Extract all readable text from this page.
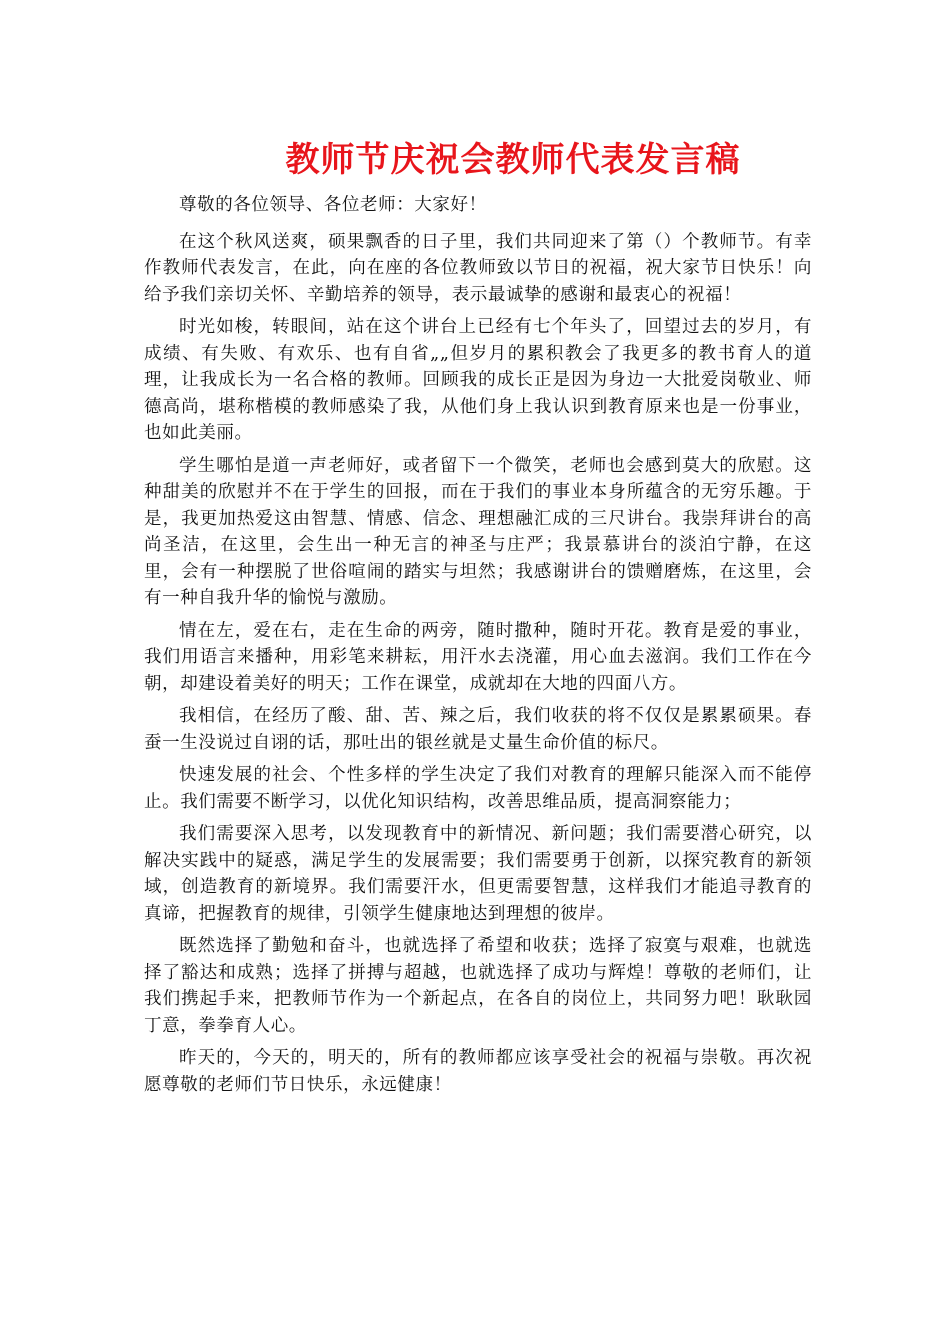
教师节庆祝会教师代表发言稿

尊敬的各位领导、各位老师：大家好！

在这个秋风送爽，硕果飘香的日子里，我们共同迎来了第（）个教师节。有幸作教师代表发言，在此，向在座的各位教师致以节日的祝福，祝大家节日快乐！向给予我们亲切关怀、辛勤培养的领导，表示最诚挚的感谢和最衷心的祝福！

时光如梭，转眼间，站在这个讲台上已经有七个年头了，回望过去的岁月，有成绩、有失败、有欢乐、也有自省„„但岁月的累积教会了我更多的教书育人的道理，让我成长为一名合格的教师。回顾我的成长正是因为身边一大批爱岗敬业、师德高尚，堪称楷模的教师感染了我，从他们身上我认识到教育原来也是一份事业，也如此美丽。

学生哪怕是道一声老师好，或者留下一个微笑，老师也会感到莫大的欣慰。这种甜美的欣慰并不在于学生的回报，而在于我们的事业本身所蕴含的无穷乐趣。于是，我更加热爱这由智慧、情感、信念、理想融汇成的三尺讲台。我崇拜讲台的高尚圣洁，在这里，会生出一种无言的神圣与庄严；我景慕讲台的淡泊宁静，在这里，会有一种摆脱了世俗喧闹的踏实与坦然；我感谢讲台的馈赠磨炼，在这里，会有一种自我升华的愉悦与激励。

情在左，爱在右，走在生命的两旁，随时撒种，随时开花。教育是爱的事业，我们用语言来播种，用彩笔来耕耘，用汗水去浇灌，用心血去滋润。我们工作在今朝，却建设着美好的明天；工作在课堂，成就却在大地的四面八方。

我相信，在经历了酸、甜、苦、辣之后，我们收获的将不仅仅是累累硕果。春蚕一生没说过自诩的话，那吐出的银丝就是丈量生命价值的标尺。

快速发展的社会、个性多样的学生决定了我们对教育的理解只能深入而不能停止。我们需要不断学习，以优化知识结构，改善思维品质，提高洞察能力；

我们需要深入思考，以发现教育中的新情况、新问题；我们需要潜心研究，以解决实践中的疑惑，满足学生的发展需要；我们需要勇于创新，以探究教育的新领域，创造教育的新境界。我们需要汗水，但更需要智慧，这样我们才能追寻教育的真谛，把握教育的规律，引领学生健康地达到理想的彼岸。

既然选择了勤勉和奋斗，也就选择了希望和收获；选择了寂寞与艰难，也就选择了豁达和成熟；选择了拼搏与超越，也就选择了成功与辉煌！尊敬的老师们，让我们携起手来，把教师节作为一个新起点，在各自的岗位上，共同努力吧！耿耿园丁意，拳拳育人心。

昨天的，今天的，明天的，所有的教师都应该享受社会的祝福与崇敬。再次祝愿尊敬的老师们节日快乐，永远健康！
